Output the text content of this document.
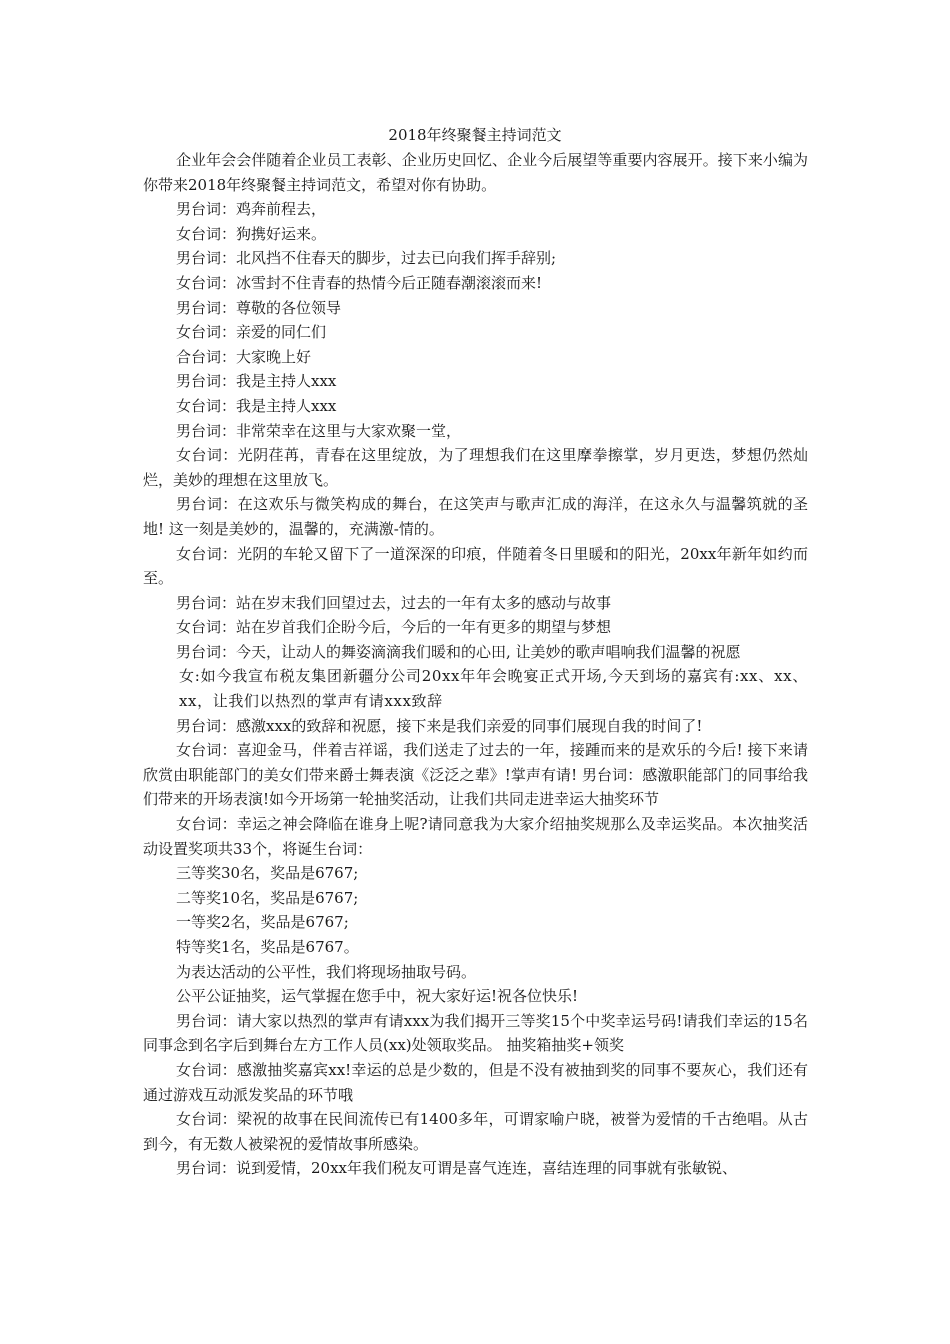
2018年终聚餐主持词范文

企业年会会伴随着企业员工表彰、企业历史回忆、企业今后展望等重要内容展开。接下来小编为你带来2018年终聚餐主持词范文，希望对你有协助。

男台词：鸡奔前程去，

女台词：狗携好运来。

男台词：北风挡不住春天的脚步，过去已向我们挥手辞别;

女台词：冰雪封不住青春的热情今后正随春潮滚滚而来!

男台词：尊敬的各位领导

女台词：亲爱的同仁们

合台词：大家晚上好

男台词：我是主持人xxx

女台词：我是主持人xxx

男台词：非常荣幸在这里与大家欢聚一堂，

女台词：光阴荏苒，青春在这里绽放，为了理想我们在这里摩拳擦掌，岁月更迭，梦想仍然灿烂，美妙的理想在这里放飞。

男台词：在这欢乐与微笑构成的舞台，在这笑声与歌声汇成的海洋，在这永久与温馨筑就的圣地! 这一刻是美妙的，温馨的，充满激-情的。

女台词：光阴的车轮又留下了一道深深的印痕，伴随着冬日里暖和的阳光，20xx年新年如约而至。

男台词：站在岁末我们回望过去，过去的一年有太多的感动与故事

女台词：站在岁首我们企盼今后，今后的一年有更多的期望与梦想

男台词：今天，让动人的舞姿滴滴我们暖和的心田, 让美妙的歌声唱响我们温馨的祝愿

女:如今我宣布税友集团新疆分公司20xx年年会晚宴正式开场,今天到场的嘉宾有:xx、xx、xx，让我们以热烈的掌声有请xxx致辞

男台词：感激xxx的致辞和祝愿，接下来是我们亲爱的同事们展现自我的时间了!

女台词：喜迎金马，伴着吉祥谣，我们送走了过去的一年，接踵而来的是欢乐的今后! 接下来请欣赏由职能部门的美女们带来爵士舞表演《泛泛之辈》!掌声有请! 男台词：感激职能部门的同事给我们带来的开场表演!如今开场第一轮抽奖活动，让我们共同走进幸运大抽奖环节

女台词：幸运之神会降临在谁身上呢?请同意我为大家介绍抽奖规那么及幸运奖品。本次抽奖活动设置奖项共33个，将诞生台词：

三等奖30名，奖品是6767;

二等奖10名，奖品是6767;

一等奖2名，奖品是6767;

特等奖1名，奖品是6767。

为表达活动的公平性，我们将现场抽取号码。

公平公证抽奖，运气掌握在您手中，祝大家好运!祝各位快乐!

男台词：请大家以热烈的掌声有请xxx为我们揭开三等奖15个中奖幸运号码!请我们幸运的15名同事念到名字后到舞台左方工作人员(xx)处领取奖品。 抽奖箱抽奖+领奖

女台词：感激抽奖嘉宾xx!幸运的总是少数的，但是不没有被抽到奖的同事不要灰心，我们还有通过游戏互动派发奖品的环节哦

女台词：梁祝的故事在民间流传已有1400多年，可谓家喻户晓，被誉为爱情的千古绝唱。从古到今，有无数人被梁祝的爱情故事所感染。

男台词：说到爱情，20xx年我们税友可谓是喜气连连，喜结连理的同事就有张敏锐、
